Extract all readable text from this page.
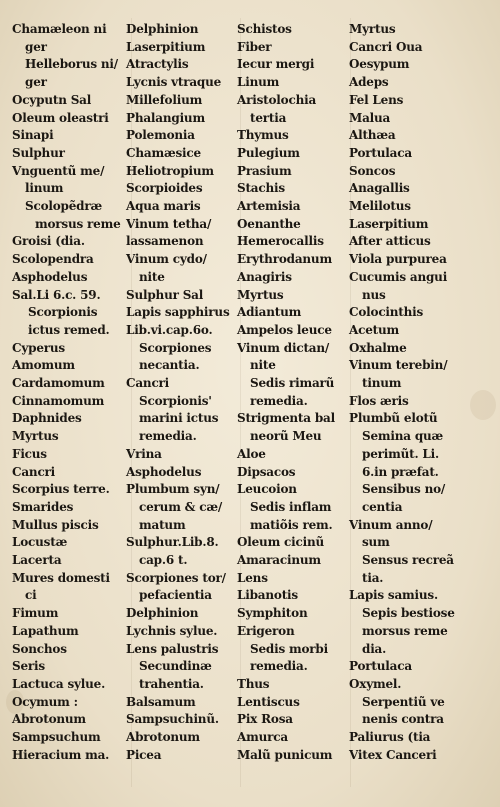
Chamæleon ni
ger
Helleborus ni/
ger
Ocyputn Sal
Oleum oleastri
Sinapi
Sulphur
Vnguentũ me/
linum
Scolopẽdræ
morsus reme
Groisi (dia.
Scolopendra
Asphodelus
Sal.Li 6.c. 59.
Scorpionis
ictus remed.
Cyperus
Amomum
Cardamomum
Cinnamomum
Daphnides
Myrtus
Ficus
Cancri
Scorpius terre.
Smarides
Mullus piscis
Locustæ
Lacerta
Mures domesti
ci
Fimum
Lapathum
Sonchos
Seris
Lactuca sylue.
Ocymum :
Abrotonum
Sampsuchum
Hieracium ma.
Delphinion
Laserpitium
Atractylis
Lycnis vtraque
Millefolium
Phalangium
Polemonia
Chamæsice
Heliotropium
Scorpioides
Aqua maris
Vinum tetha/
lassamenon
Vinum cydo/
nite
Sulphur Sal
Lapis sapphirus
Lib.vi.cap.6o.
Scorpiones
necantia.
Cancri
Scorpionis'
marini ictus
remedia.
Vrina
Asphodelus
Plumbum syn/
cerum & cæ/
matum
Sulphur.Lib.8.
cap.6 t.
Scorpiones tor/
pefacientia
Delphinion
Lychnis sylue.
Lens palustris
Secundinæ
trahentia.
Balsamum
Sampsuchinũ.
Abrotonum
Picea
Schistos
Fiber
Iecur mergi
Linum
Aristolochia
tertia
Thymus
Pulegium
Prasium
Stachis
Artemisia
Oenanthe
Hemerocallis
Erythrodanum
Anagiris
Myrtus
Adiantum
Ampelos leuce
Vinum dictan/
nite
Sedis rimarũ
remedia.
Strigmenta bal
neorũ Meu
Aloe
Dipsacos
Leucoion
Sedis inflam
matiõis rem.
Oleum cicinũ
Amaracinum
Lens
Libanotis
Symphiton
Erigeron
Sedis morbi
remedia.
Thus
Lentiscus
Pix Rosa
Amurca
Malũ punicum
Myrtus
Cancri Oua
Oesypum
Adeps
Fel Lens
Malua
Althæa
Portulaca
Soncos
Anagallis
Melilotus
Laserpitium
After atticus
Viola purpurea
Cucumis angui
nus
Colocinthis
Acetum
Oxhalme
Vinum terebin/
tinum
Flos æris
Plumbũ elotũ
Semina quæ
perimũt. Li.
6.in præfat.
Sensibus no/
centia
Vinum anno/
sum
Sensus recreã
tia.
Lapis samius.
Sepis bestiose
morsus reme
dia.
Portulaca
Oxymel.
Serpentiũ ve
nenis contra
Paliurus (tia
Vitex Canceri
